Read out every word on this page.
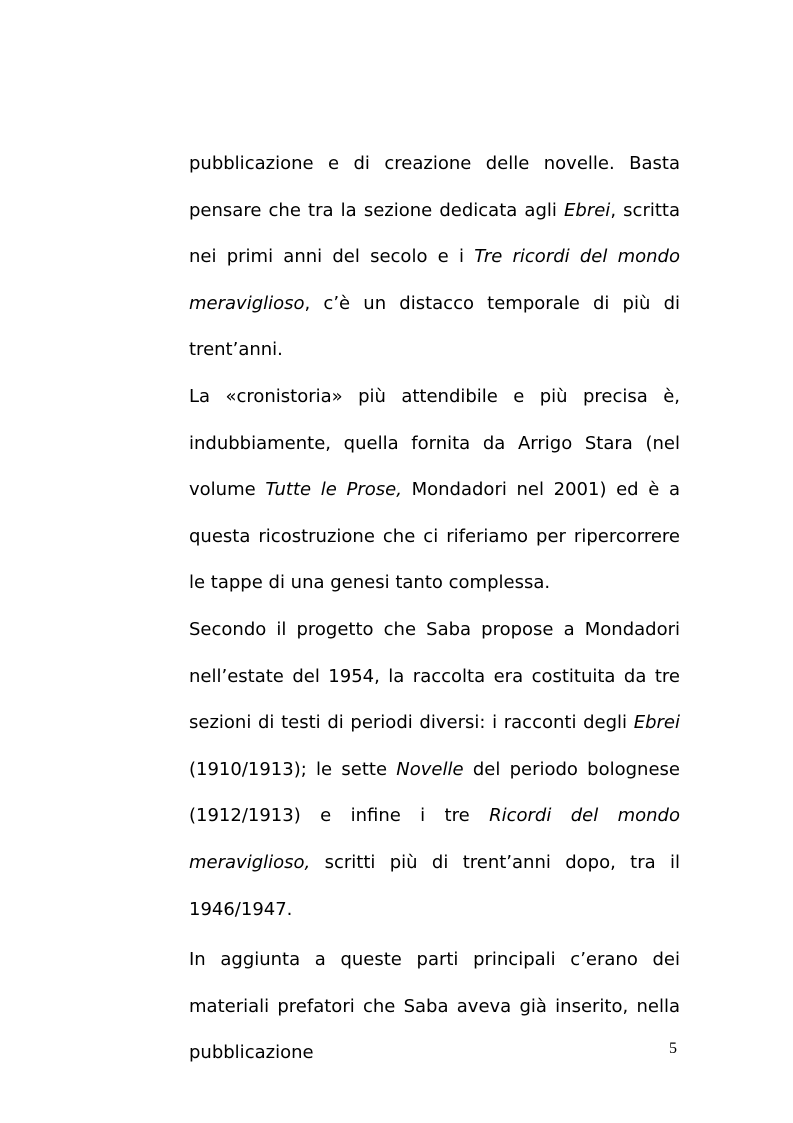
pubblicazione e di creazione delle novelle. Basta pensare che tra la sezione dedicata agli Ebrei, scritta nei primi anni del secolo e i Tre ricordi del mondo meraviglioso, c’è un distacco temporale di più di trent’anni.

La «cronistoria» più attendibile e più precisa è, indubbiamente, quella fornita da Arrigo Stara (nel volume Tutte le Prose, Mondadori nel 2001) ed è a questa ricostruzione che ci riferiamo per ripercorrere le tappe di una genesi tanto complessa.

Secondo il progetto che Saba propose a Mondadori nell’estate del 1954, la raccolta era costituita da tre sezioni di testi di periodi diversi: i racconti degli Ebrei (1910/1913); le sette Novelle del periodo bolognese (1912/1913) e infine i tre Ricordi del mondo meraviglioso, scritti più di trent’anni dopo, tra il 1946/1947.

In aggiunta a queste parti principali c’erano dei materiali prefatori che Saba aveva già inserito, nella pubblicazione	5
